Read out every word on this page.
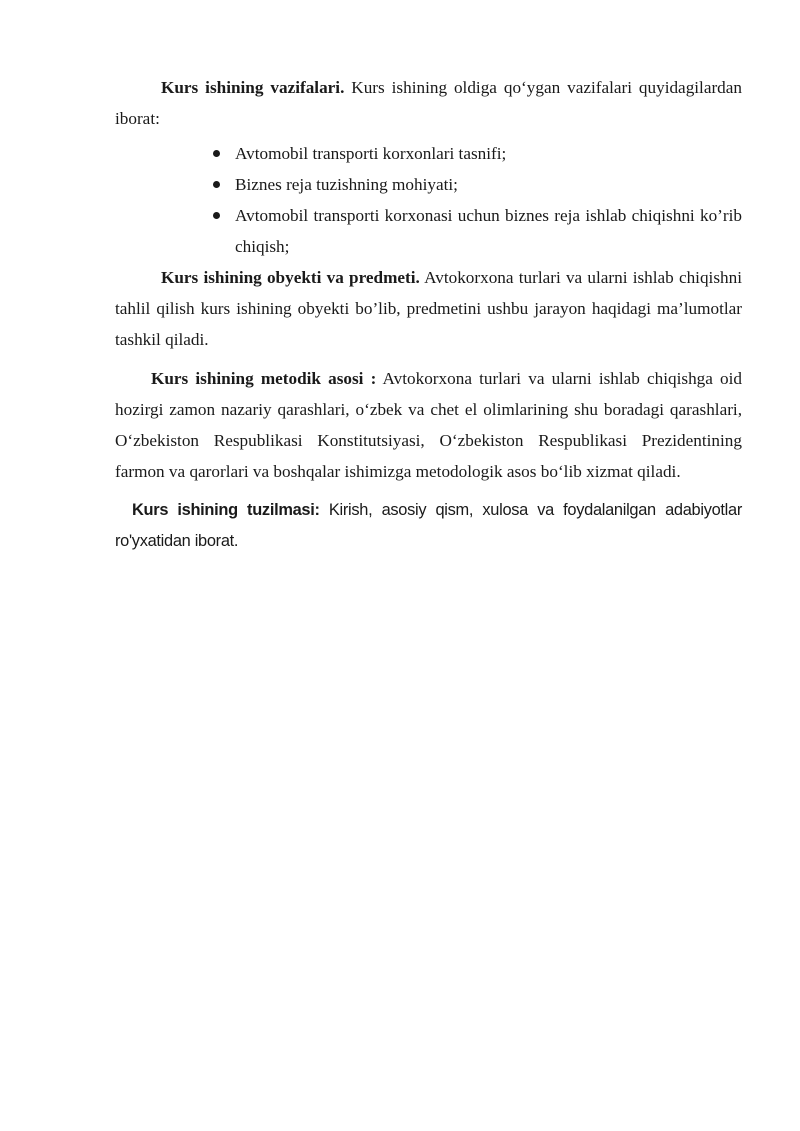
Kurs ishining vazifalari. Kurs ishining oldiga qo‘ygan vazifalari quyidagilardan iborat:

Avtomobil transporti korxonlari tasnifi;
Biznes reja tuzishning mohiyati;
Avtomobil transporti korxonasi uchun biznes reja ishlab chiqishni ko’rib chiqish;

Kurs ishining obyekti va predmeti. Avtokorxona turlari va ularni ishlab chiqishni tahlil qilish kurs ishining obyekti bo’lib, predmetini ushbu jarayon haqidagi ma’lumotlar tashkil qiladi.

Kurs ishining metodik asosi : Avtokorxona turlari va ularni ishlab chiqishga oid hozirgi zamon nazariy qarashlari, o‘zbek va chet el olimlarining shu boradagi qarashlari, O‘zbekiston Respublikasi Konstitutsiyasi, O‘zbekiston Respublikasi Prezidentining farmon va qarorlari va boshqalar ishimizga metodologik asos bo‘lib xizmat qiladi.

Kurs ishining tuzilmasi: Kirish, asosiy qism, xulosa va foydalanilgan adabiyotlar ro'yxatidan iborat.
